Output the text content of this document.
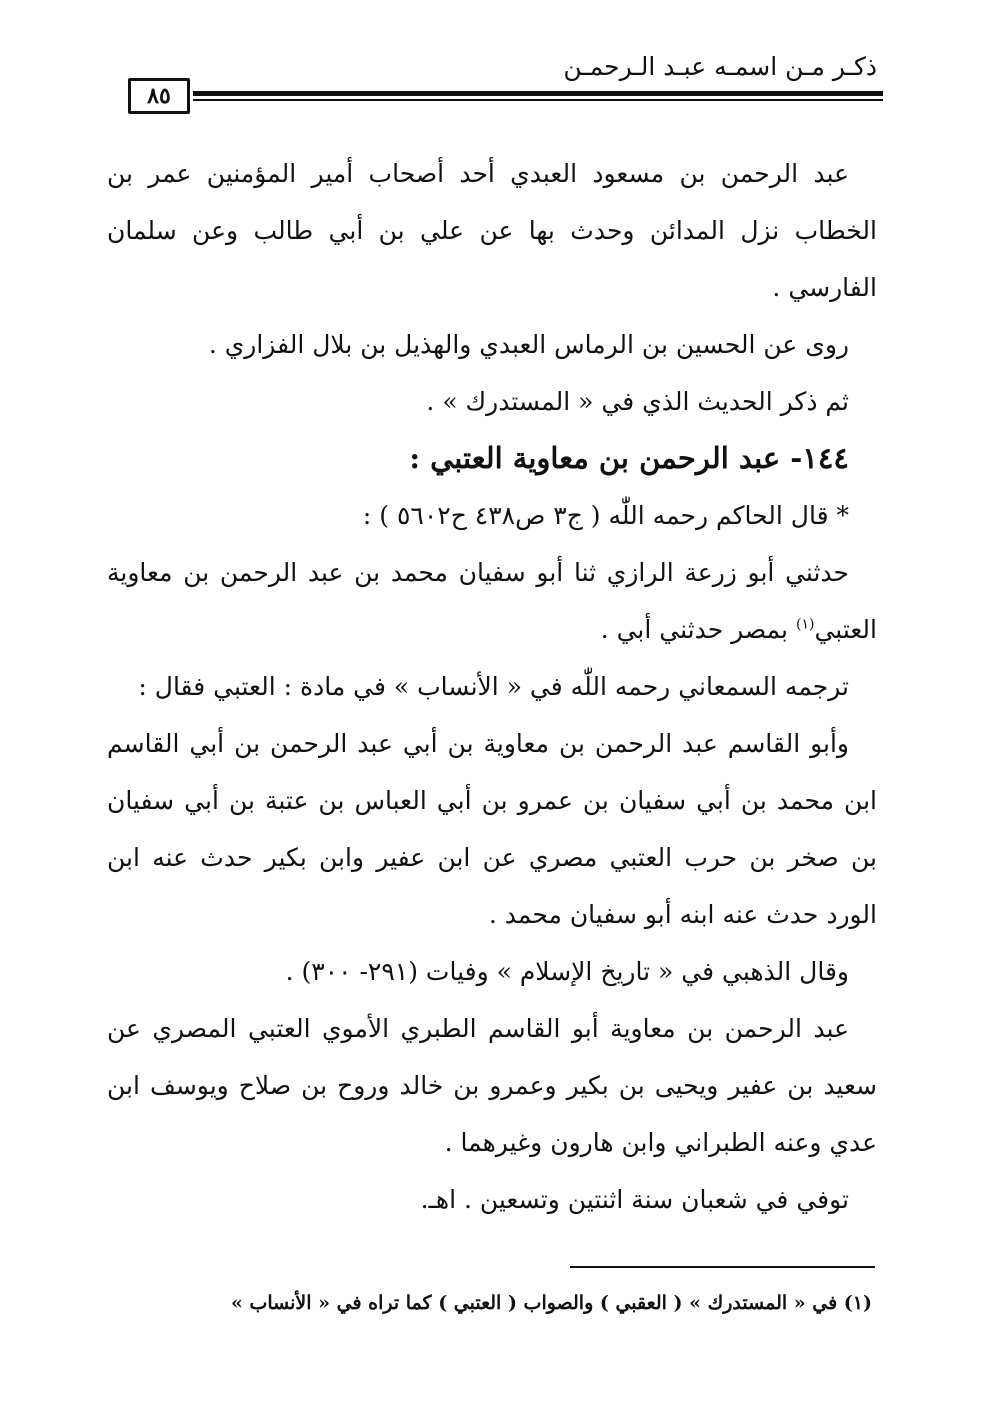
ذكـر مـن اسمـه عبـد الـرحمـن
٨٥

عبد الرحمن بن مسعود العبدي أحد أصحاب أمير المؤمنين عمر بن الخطاب نزل المدائن وحدث بها عن علي بن أبي طالب وعن سلمان الفارسي .

روى عن الحسين بن الرماس العبدي والهذيل بن بلال الفزاري .

ثم ذكر الحديث الذي في « المستدرك » .

١٤٤- عبد الرحمن بن معاوية العتبي :

* قال الحاكم رحمه اللّٰه ( ج٣ ص٤٣٨ ح٥٦٠٢ ) :

حدثني أبو زرعة الرازي ثنا أبو سفيان محمد بن عبد الرحمن بن معاوية العتبي$^{(١)}$ بمصر حدثني أبي .

ترجمه السمعاني رحمه اللّٰه في « الأنساب » في مادة : العتبي فقال :

وأبو القاسم عبد الرحمن بن معاوية بن أبي عبد الرحمن بن أبي القاسم ابن محمد بن أبي سفيان بن عمرو بن أبي العباس بن عتبة بن أبي سفيان بن صخر بن حرب العتبي مصري عن ابن عفير وابن بكير حدث عنه ابن الورد حدث عنه ابنه أبو سفيان محمد .

وقال الذهبي في « تاريخ الإسلام » وفيات (٢٩١- ٣٠٠) .

عبد الرحمن بن معاوية أبو القاسم الطبري الأموي العتبي المصري عن سعيد بن عفير ويحيى بن بكير وعمرو بن خالد وروح بن صلاح ويوسف ابن عدي وعنه الطبراني وابن هارون وغيرهما .

توفي في شعبان سنة اثنتين وتسعين . اهـ.

(١) في « المستدرك » ( العقبي ) والصواب ( العتبي ) كما تراه في « الأنساب »
